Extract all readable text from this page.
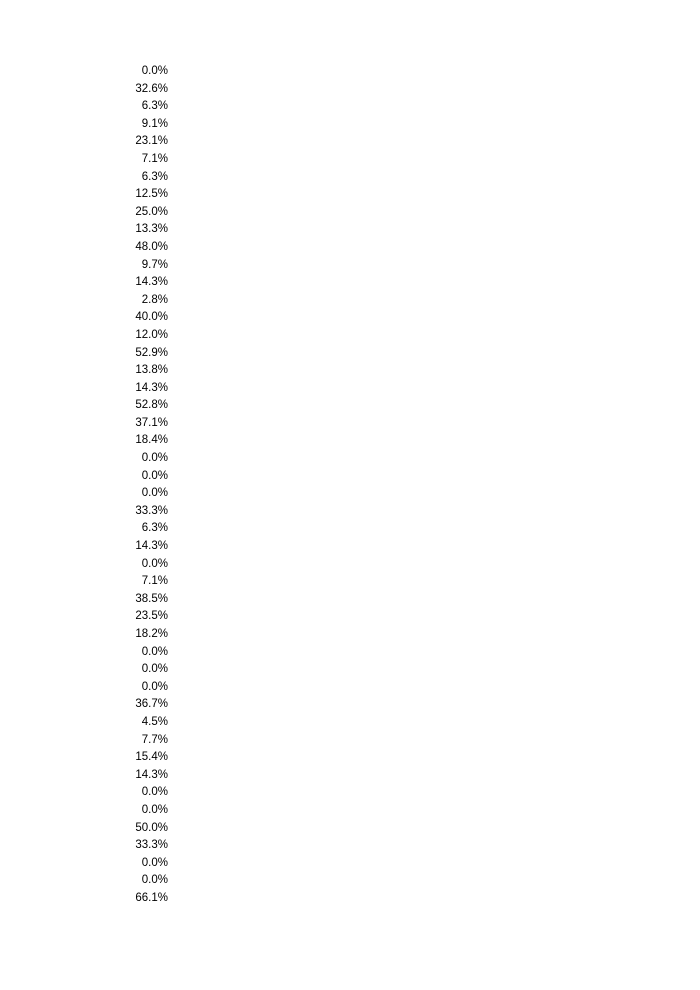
0.0%
32.6%
6.3%
9.1%
23.1%
7.1%
6.3%
12.5%
25.0%
13.3%
48.0%
9.7%
14.3%
2.8%
40.0%
12.0%
52.9%
13.8%
14.3%
52.8%
37.1%
18.4%
0.0%
0.0%
0.0%
33.3%
6.3%
14.3%
0.0%
7.1%
38.5%
23.5%
18.2%
0.0%
0.0%
0.0%
36.7%
4.5%
7.7%
15.4%
14.3%
0.0%
0.0%
50.0%
33.3%
0.0%
0.0%
66.1%
